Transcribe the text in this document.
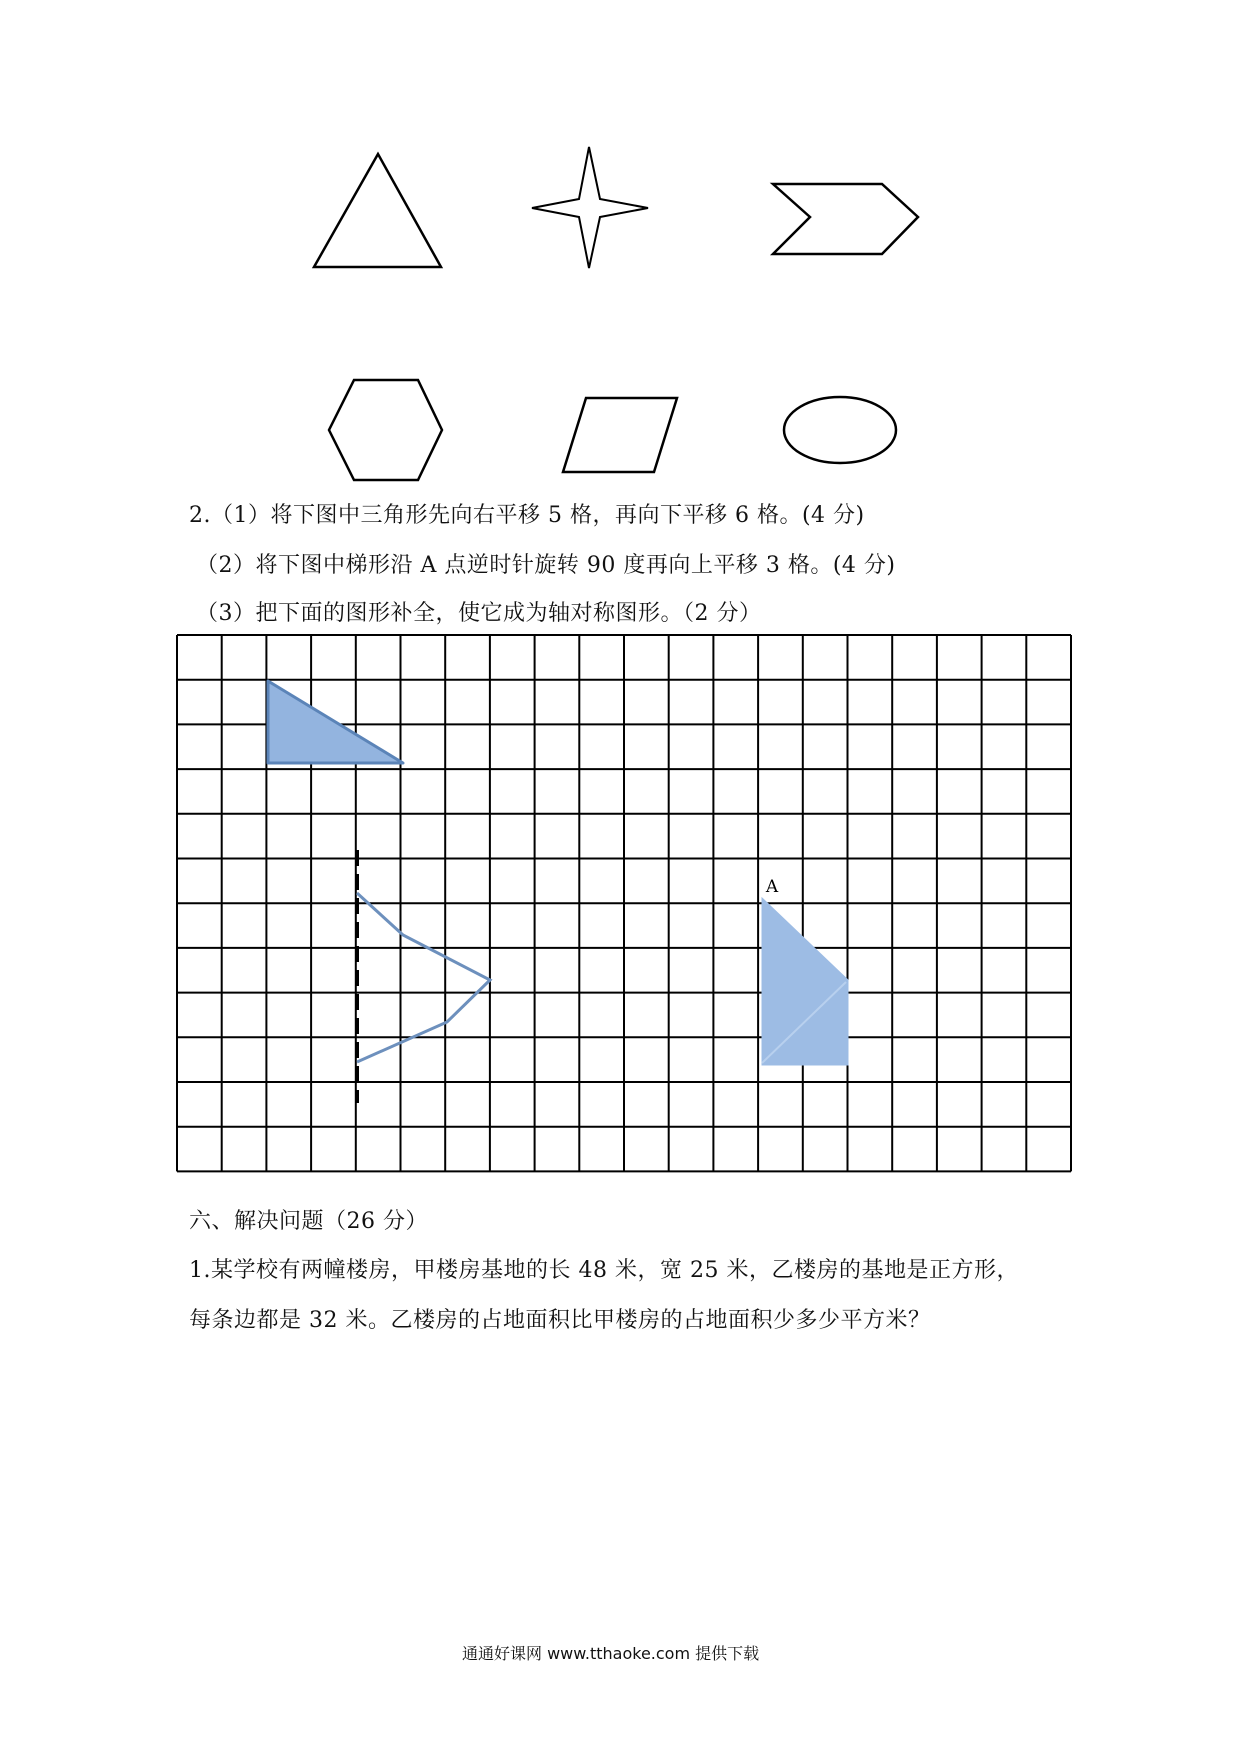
2.（1）将下图中三角形先向右平移 5 格，再向下平移 6 格。(4 分)
（2）将下图中梯形沿 A 点逆时针旋转 90 度再向上平移 3 格。(4 分)
（3）把下面的图形补全，使它成为轴对称图形。（2 分）
A
六、解决问题（26 分）
1.某学校有两幢楼房，甲楼房基地的长 48 米，宽 25 米，乙楼房的基地是正方形，
每条边都是 32 米。乙楼房的占地面积比甲楼房的占地面积少多少平方米？
通通好课网 www.tthaoke.com 提供下载
